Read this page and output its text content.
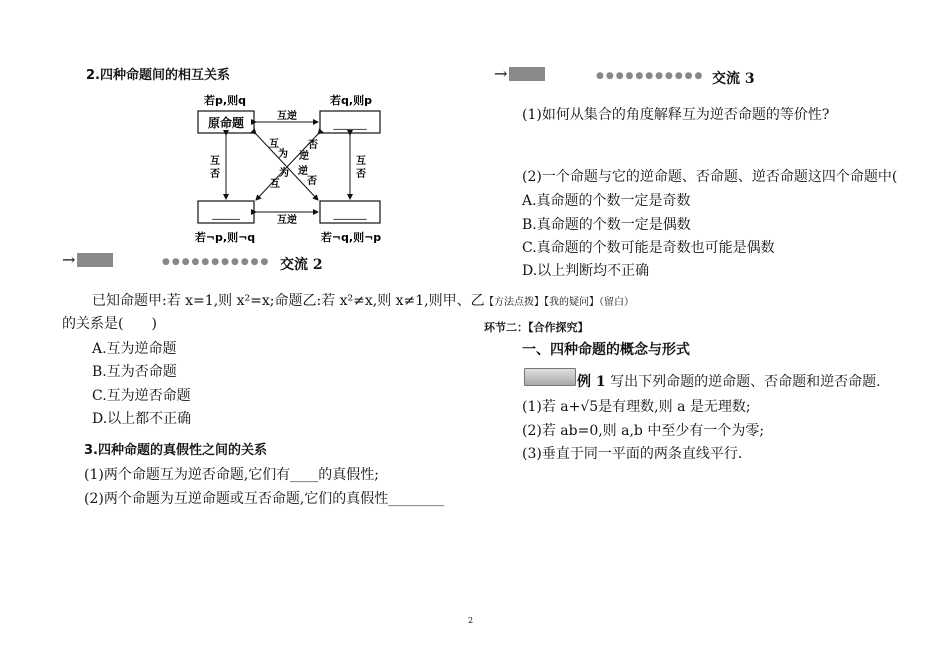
2.四种命题间的相互关系
若p,则q	若q,则p
若¬p,则¬q	若¬q,则¬p
原命题	______
_____	______
互逆
互逆
互
否
互
否
互
为
逆
否
否
逆
为
互
→	●●●●●●●●●●● 交流 2
已知命题甲:若 x=1,则 x²=x;命题乙:若 x²≠x,则 x≠1,则甲、乙
的关系是(　　)
A.互为逆命题
B.互为否命题
C.互为逆否命题
D.以上都不正确
3.四种命题的真假性之间的关系
(1)两个命题互为逆否命题,它们有____的真假性;
(2)两个命题为互逆命题或互否命题,它们的真假性________
→	●●●●●●●●●●● 交流 3
(1)如何从集合的角度解释互为逆否命题的等价性?
(2)一个命题与它的逆命题、否命题、逆否命题这四个命题中(
A.真命题的个数一定是奇数
B.真命题的个数一定是偶数
C.真命题的个数可能是奇数也可能是偶数
D.以上判断均不正确
【方法点拨】【我的疑问】（留白）
环节二：【合作探究】
一、四种命题的概念与形式
例 1 写出下列命题的逆命题、否命题和逆否命题.
(1)若 a+√5是有理数,则 a 是无理数;
(2)若 ab=0,则 a,b 中至少有一个为零;
(3)垂直于同一平面的两条直线平行.
2
